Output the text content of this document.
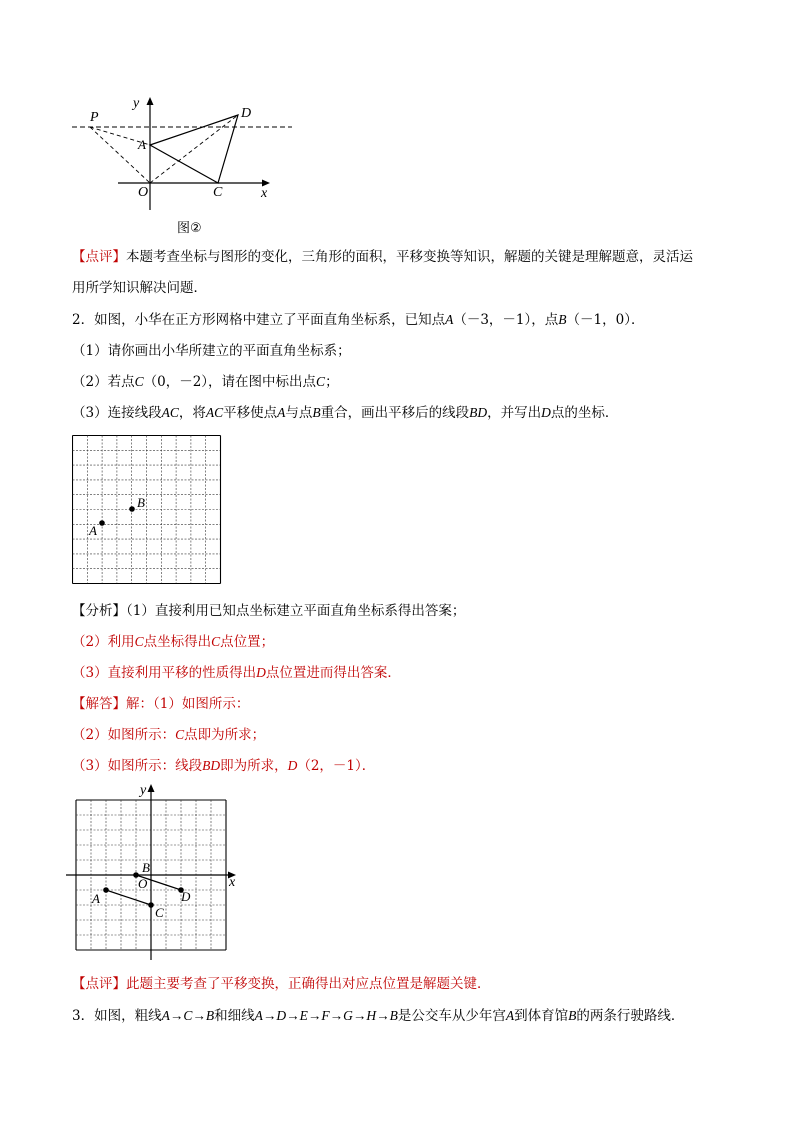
y
P	D
A
O	C	x
图②
【点评】本题考查坐标与图形的变化，三角形的面积，平移变换等知识，解题的关键是理解题意，灵活运
用所学知识解决问题．
2．如图，小华在正方形网格中建立了平面直角坐标系，已知点A（－3，－1），点B（－1，0）．
（1）请你画出小华所建立的平面直角坐标系；
（2）若点C（0，－2），请在图中标出点C；
（3）连接线段AC，将AC平移使点A与点B重合，画出平移后的线段BD，并写出D点的坐标．
A
B
【分析】（1）直接利用已知点坐标建立平面直角坐标系得出答案；
（2）利用C点坐标得出C点位置；
（3）直接利用平移的性质得出D点位置进而得出答案．
【解答】解：（1）如图所示：
（2）如图所示：C点即为所求；
（3）如图所示：线段BD即为所求，D（2，－1）．
y
x
B
O
A	D
C
【点评】此题主要考查了平移变换，正确得出对应点位置是解题关键．
3．如图，粗线A→C→B和细线A→D→E→F→G→H→B是公交车从少年宫A到体育馆B的两条行驶路线．
